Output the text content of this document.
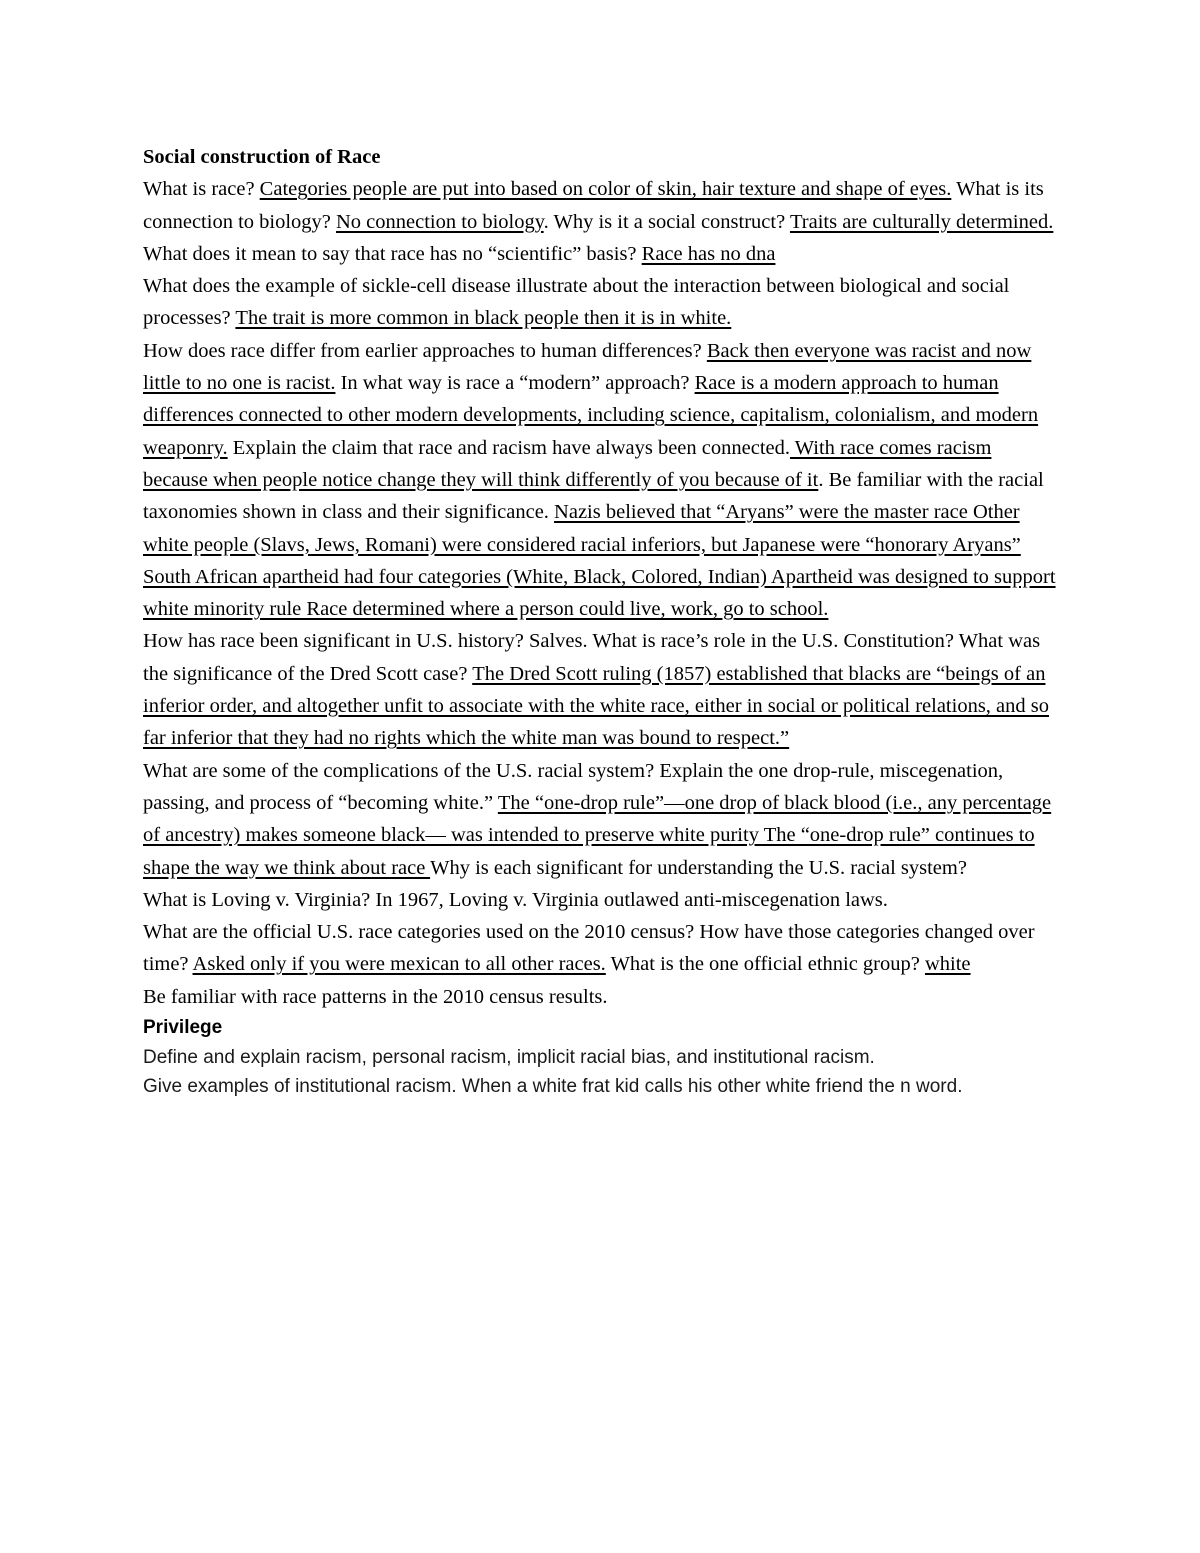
Social construction of Race

What is race? Categories people are put into based on color of skin, hair texture and shape of eyes. What is its connection to biology? No connection to biology. Why is it a social construct? Traits are culturally determined.

What does it mean to say that race has no “scientific” basis? Race has no dna

What does the example of sickle-cell disease illustrate about the interaction between biological and social processes? The trait is more common in black people then it is in white.

How does race differ from earlier approaches to human differences? Back then everyone was racist and now little to no one is racist. In what way is race a “modern” approach? Race is a modern approach to human differences connected to other modern developments, including science, capitalism, colonialism, and modern weaponry. Explain the claim that race and racism have always been connected. With race comes racism because when people notice change they will think differently of you because of it. Be familiar with the racial taxonomies shown in class and their significance. Nazis believed that “Aryans” were the master race Other white people (Slavs, Jews, Romani) were considered racial inferiors, but Japanese were “honorary Aryans” South African apartheid had four categories (White, Black, Colored, Indian) Apartheid was designed to support white minority rule Race determined where a person could live, work, go to school.

How has race been significant in U.S. history? Salves. What is race’s role in the U.S. Constitution? What was the significance of the Dred Scott case? The Dred Scott ruling (1857) established that blacks are “beings of an inferior order, and altogether unfit to associate with the white race, either in social or political relations, and so far inferior that they had no rights which the white man was bound to respect.”

What are some of the complications of the U.S. racial system? Explain the one drop-rule, miscegenation, passing, and process of “becoming white.” The “one-drop rule”—one drop of black blood (i.e., any percentage of ancestry) makes someone black— was intended to preserve white purity The “one-drop rule” continues to shape the way we think about race Why is each significant for understanding the U.S. racial system?

What is Loving v. Virginia? In 1967, Loving v. Virginia outlawed anti-miscegenation laws.

What are the official U.S. race categories used on the 2010 census? How have those categories changed over time? Asked only if you were mexican to all other races. What is the one official ethnic group? white

Be familiar with race patterns in the 2010 census results.

Privilege

Define and explain racism, personal racism, implicit racial bias, and institutional racism.

Give examples of institutional racism. When a white frat kid calls his other white friend the n word.
